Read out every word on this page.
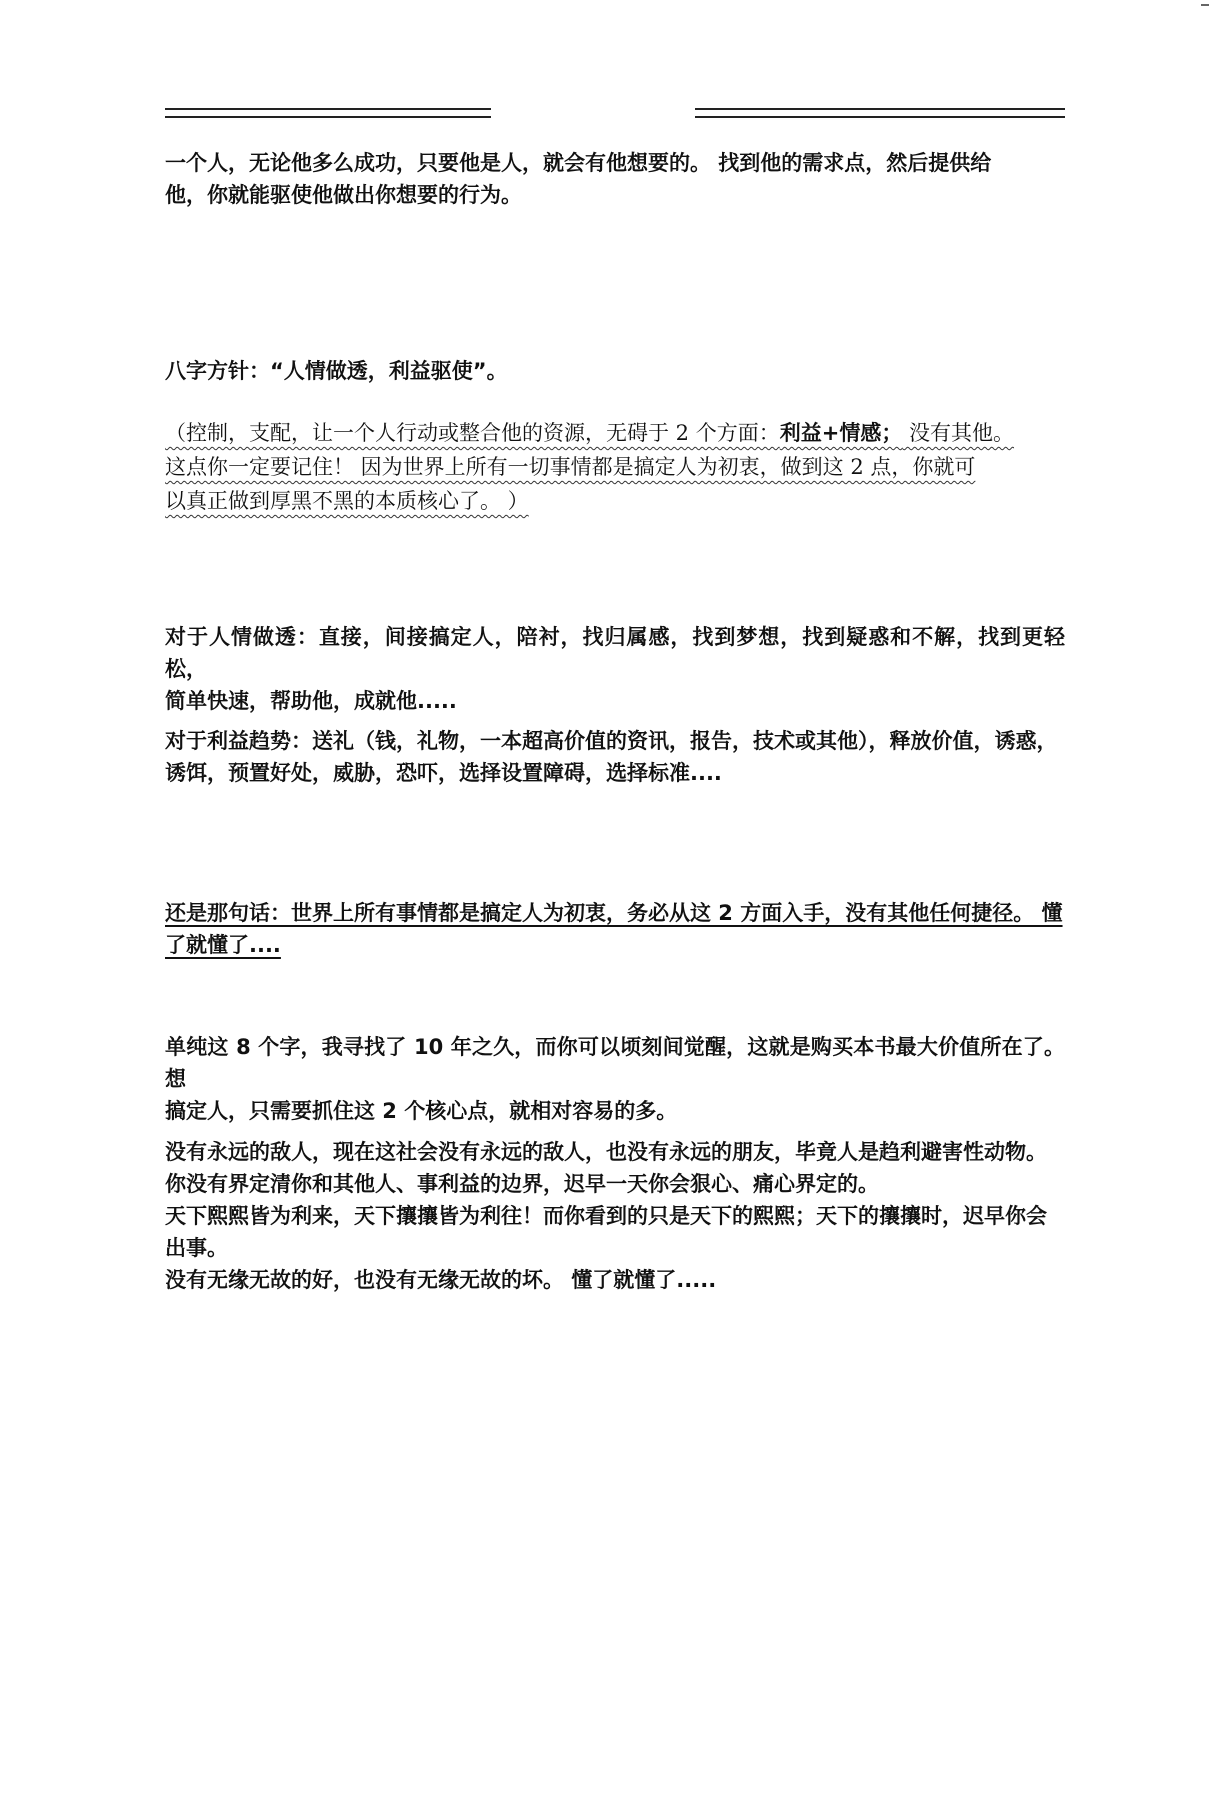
一个人，无论他多么成功，只要他是人，就会有他想要的。 找到他的需求点，然后提供给
他，你就能驱使他做出你想要的行为。

八字方针：“人情做透，利益驱使”。

（控制，支配，让一个人行动或整合他的资源，无碍于 2 个方面：利益+情感； 没有其他。
这点你一定要记住！ 因为世界上所有一切事情都是搞定人为初衷，做到这 2 点，你就可
以真正做到厚黑不黑的本质核心了。 ）

对于人情做透：直接，间接搞定人，陪衬，找归属感，找到梦想，找到疑惑和不解，找到更轻松，
简单快速，帮助他，成就他.....

对于利益趋势：送礼（钱，礼物，一本超高价值的资讯，报告，技术或其他），释放价值，诱惑，
诱饵，预置好处，威胁，恐吓，选择设置障碍，选择标准....

还是那句话：世界上所有事情都是搞定人为初衷，务必从这 2 方面入手，没有其他任何捷径。 懂
了就懂了....

单纯这 8 个字，我寻找了 10 年之久，而你可以顷刻间觉醒，这就是购买本书最大价值所在了。 想
搞定人，只需要抓住这 2 个核心点，就相对容易的多。

没有永远的敌人，现在这社会没有永远的敌人，也没有永远的朋友，毕竟人是趋利避害性动物。
你没有界定清你和其他人、事利益的边界，迟早一天你会狠心、痛心界定的。
天下熙熙皆为利来，天下攘攘皆为利往！而你看到的只是天下的熙熙；天下的攘攘时，迟早你会
出事。
没有无缘无故的好，也没有无缘无故的坏。 懂了就懂了.....
